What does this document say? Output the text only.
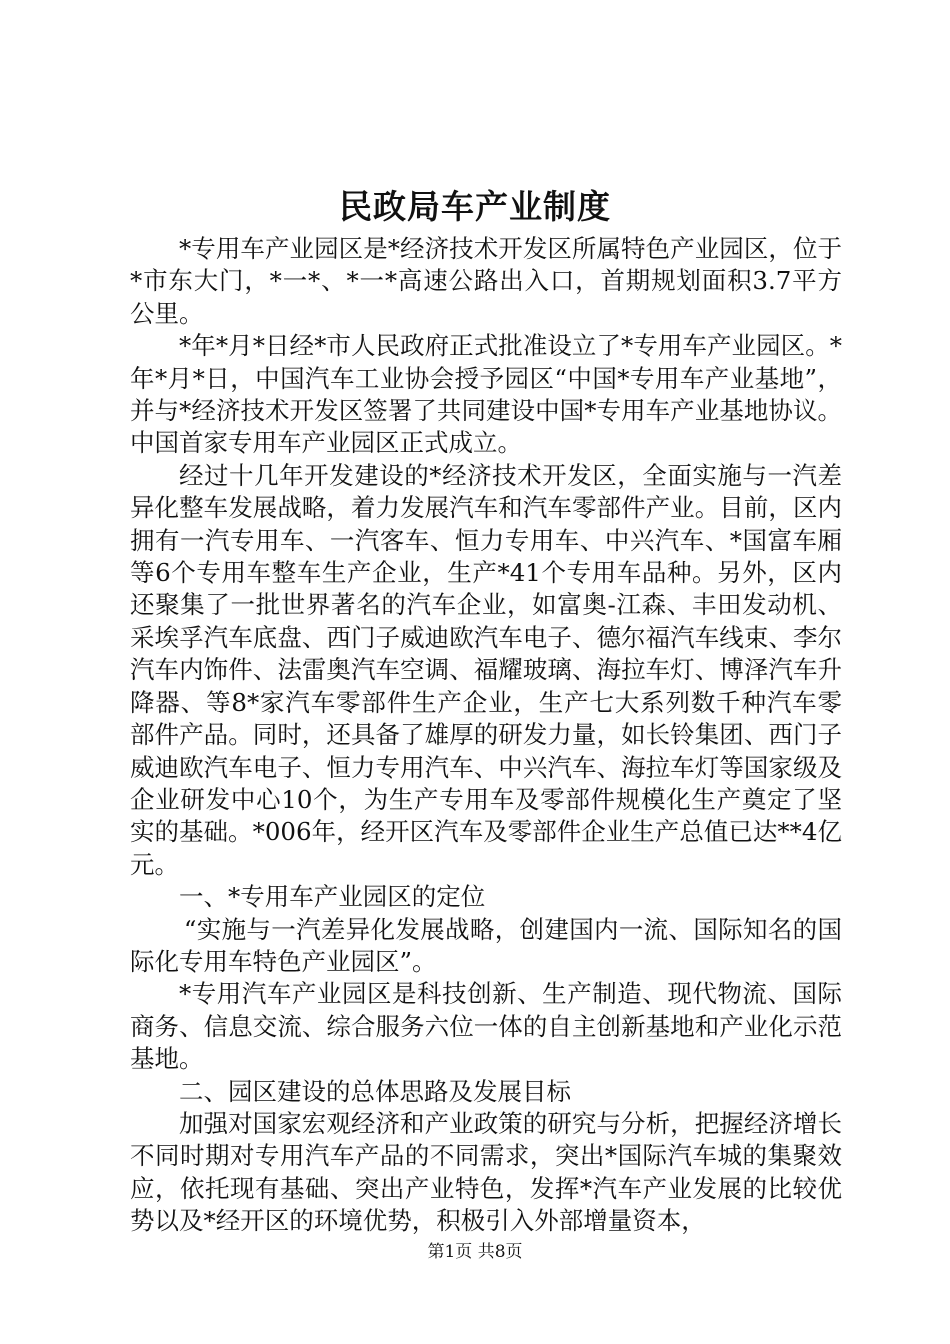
民政局车产业制度

*专用车产业园区是*经济技术开发区所属特色产业园区，位于*市东大门，*一*、*一*高速公路出入口，首期规划面积3.7平方公里。

*年*月*日经*市人民政府正式批准设立了*专用车产业园区。*年*月*日，中国汽车工业协会授予园区“中国*专用车产业基地”，并与*经济技术开发区签署了共同建设中国*专用车产业基地协议。中国首家专用车产业园区正式成立。

经过十几年开发建设的*经济技术开发区，全面实施与一汽差异化整车发展战略，着力发展汽车和汽车零部件产业。目前，区内拥有一汽专用车、一汽客车、恒力专用车、中兴汽车、*国富车厢等6个专用车整车生产企业，生产*41个专用车品种。另外，区内还聚集了一批世界著名的汽车企业，如富奥-江森、丰田发动机、采埃孚汽车底盘、西门子威迪欧汽车电子、德尔福汽车线束、李尔汽车内饰件、法雷奥汽车空调、福耀玻璃、海拉车灯、博泽汽车升降器、等8*家汽车零部件生产企业，生产七大系列数千种汽车零部件产品。同时，还具备了雄厚的研发力量，如长铃集团、西门子威迪欧汽车电子、恒力专用汽车、中兴汽车、海拉车灯等国家级及企业研发中心10个，为生产专用车及零部件规模化生产奠定了坚实的基础。*006年，经开区汽车及零部件企业生产总值已达**4亿元。

一、*专用车产业园区的定位

“实施与一汽差异化发展战略，创建国内一流、国际知名的国际化专用车特色产业园区”。

*专用汽车产业园区是科技创新、生产制造、现代物流、国际商务、信息交流、综合服务六位一体的自主创新基地和产业化示范基地。

二、园区建设的总体思路及发展目标

加强对国家宏观经济和产业政策的研究与分析，把握经济增长不同时期对专用汽车产品的不同需求，突出*国际汽车城的集聚效应，依托现有基础、突出产业特色，发挥*汽车产业发展的比较优势以及*经开区的环境优势，积极引入外部增量资本，

第1页 共8页
